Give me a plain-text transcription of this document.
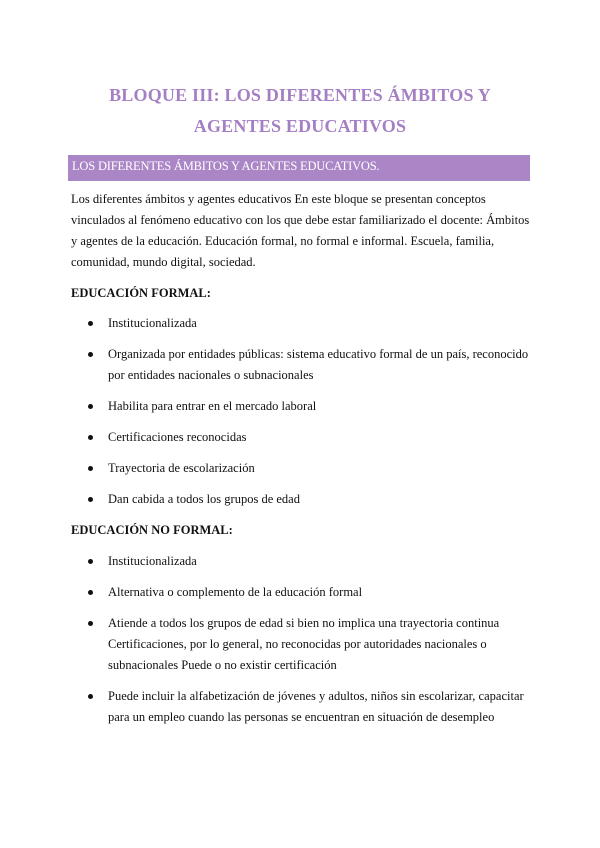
BLOQUE III: LOS DIFERENTES ÁMBITOS Y
AGENTES EDUCATIVOS
LOS DIFERENTES ÁMBITOS Y AGENTES EDUCATIVOS.
Los diferentes ámbitos y agentes educativos En este bloque se presentan conceptos vinculados al fenómeno educativo con los que debe estar familiarizado el docente: Ámbitos y agentes de la educación. Educación formal, no formal e informal. Escuela, familia, comunidad, mundo digital, sociedad.
EDUCACIÓN FORMAL:
Institucionalizada
Organizada por entidades públicas: sistema educativo formal de un país, reconocido por entidades nacionales o subnacionales
Habilita para entrar en el mercado laboral
Certificaciones reconocidas
Trayectoria de escolarización
Dan cabida a todos los grupos de edad
EDUCACIÓN NO FORMAL:
Institucionalizada
Alternativa o complemento de la educación formal
Atiende a todos los grupos de edad si bien no implica una trayectoria continua Certificaciones, por lo general, no reconocidas por autoridades nacionales o subnacionales Puede o no existir certificación
Puede incluir la alfabetización de jóvenes y adultos, niños sin escolarizar, capacitar para un empleo cuando las personas se encuentran en situación de desempleo
